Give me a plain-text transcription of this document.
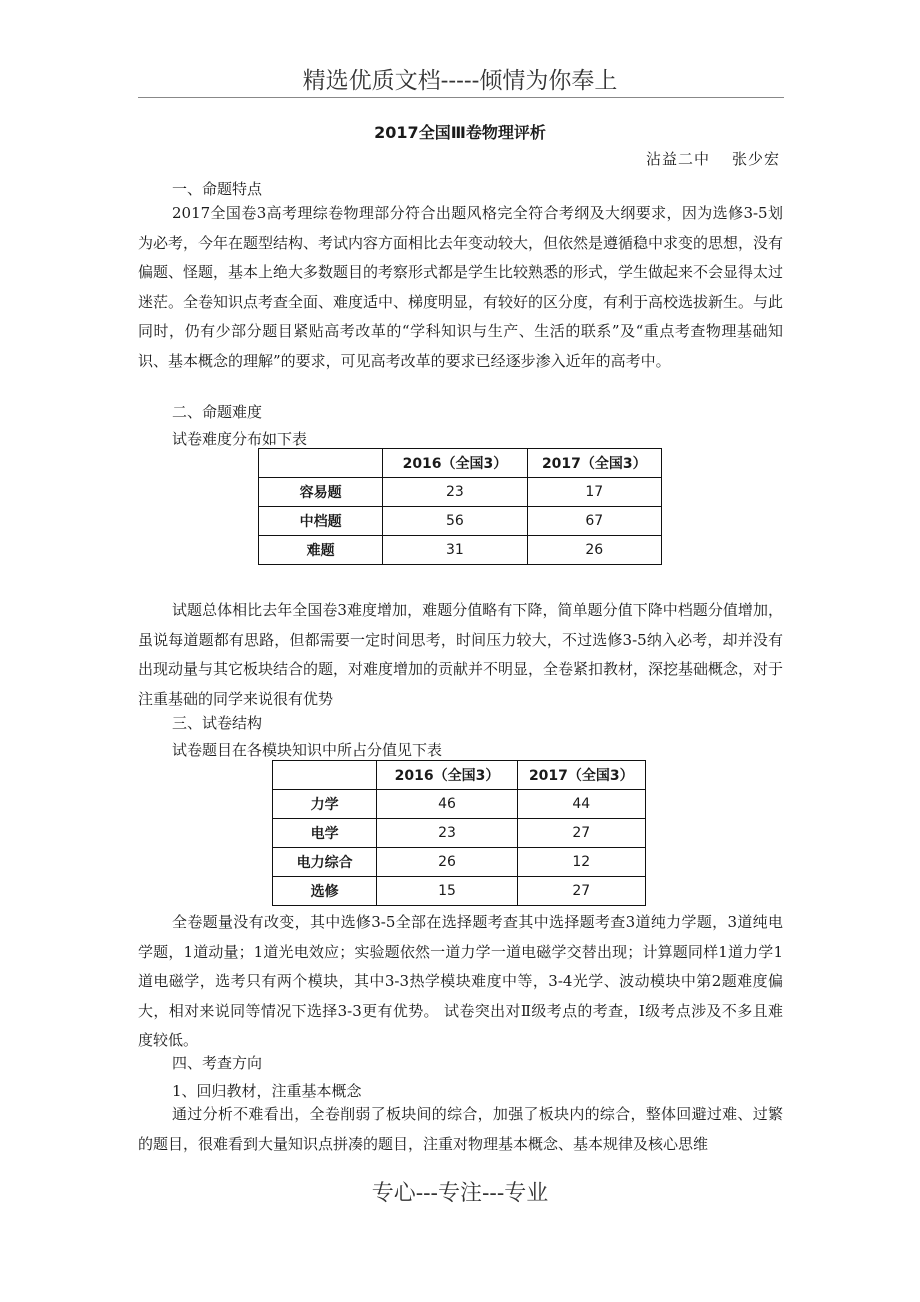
精选优质文档-----倾情为你奉上
2017全国Ⅲ卷物理评析
沾益二中 张少宏
一、命题特点

2017全国卷3高考理综卷物理部分符合出题风格完全符合考纲及大纲要求，因为选修3-5划为必考，今年在题型结构、考试内容方面相比去年变动较大，但依然是遵循稳中求变的思想，没有偏题、怪题，基本上绝大多数题目的考察形式都是学生比较熟悉的形式，学生做起来不会显得太过迷茫。全卷知识点考查全面、难度适中、梯度明显，有较好的区分度，有利于高校选拔新生。与此同时，仍有少部分题目紧贴高考改革的“学科知识与生产、生活的联系”及“重点考查物理基础知识、基本概念的理解”的要求，可见高考改革的要求已经逐步渗入近年的高考中。

二、命题难度
试卷难度分布如下表
	2016（全国3）	2017（全国3）
容易题	23	17
中档题	56	67
难题	31	26

试题总体相比去年全国卷3难度增加，难题分值略有下降，简单题分值下降中档题分值增加，虽说每道题都有思路，但都需要一定时间思考，时间压力较大，不过选修3-5纳入必考，却并没有出现动量与其它板块结合的题，对难度增加的贡献并不明显，全卷紧扣教材，深挖基础概念，对于注重基础的同学来说很有优势

三、试卷结构
试卷题目在各模块知识中所占分值见下表
	2016（全国3）	2017（全国3）
力学	46	44
电学	23	27
电力综合	26	12
选修	15	27

全卷题量没有改变，其中选修3-5全部在选择题考查其中选择题考查3道纯力学题，3道纯电学题，1道动量；1道光电效应；实验题依然一道力学一道电磁学交替出现；计算题同样1道力学1道电磁学，选考只有两个模块，其中3-3热学模块难度中等，3-4光学、波动模块中第2题难度偏大，相对来说同等情况下选择3-3更有优势。 试卷突出对Ⅱ级考点的考查，Ⅰ级考点涉及不多且难度较低。

四、考查方向
1、回归教材，注重基本概念

通过分析不难看出，全卷削弱了板块间的综合，加强了板块内的综合，整体回避过难、过繁的题目，很难看到大量知识点拼凑的题目，注重对物理基本概念、基本规律及核心思维

专心---专注---专业
